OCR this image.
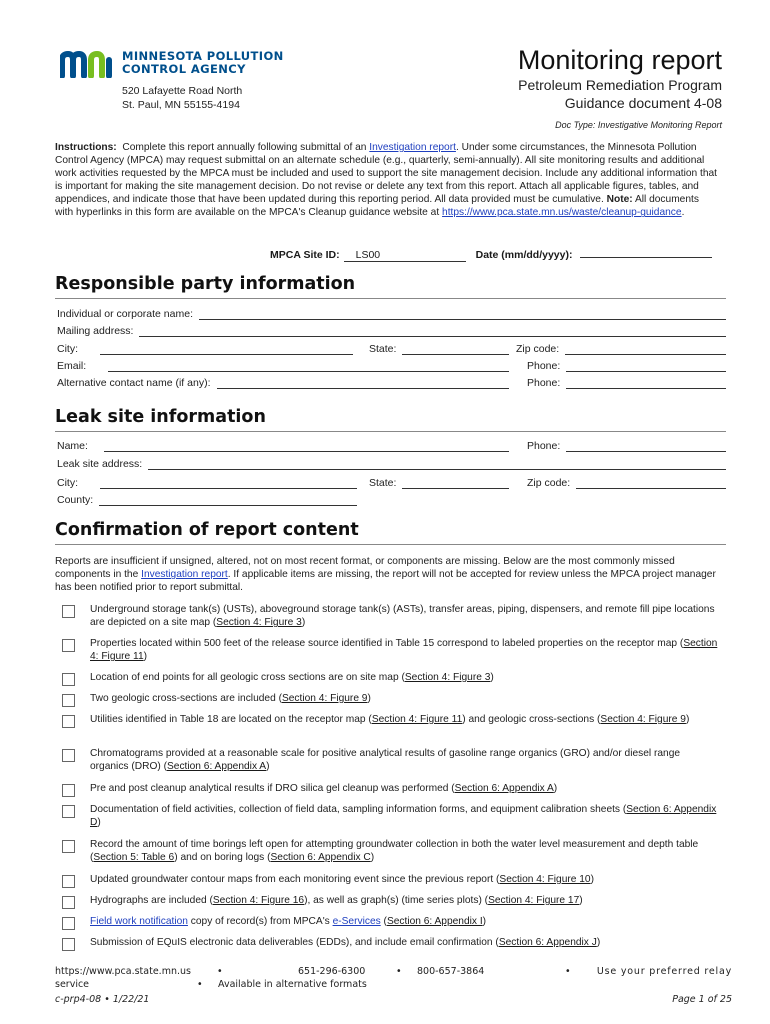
MINNESOTA POLLUTION
CONTROL AGENCY
520 Lafayette Road North
St. Paul, MN 55155-4194
Monitoring report
Petroleum Remediation Program
Guidance document 4-08
Doc Type: Investigative Monitoring Report
Instructions: Complete this report annually following submittal of an Investigation report. Under some circumstances, the Minnesota Pollution Control Agency (MPCA) may request submittal on an alternate schedule (e.g., quarterly, semi-annually). All site monitoring results and additional work activities requested by the MPCA must be included and used to support the site management decision. Include any additional information that is important for making the site management decision. Do not revise or delete any text from this report. Attach all applicable figures, tables, and appendices, and indicate those that have been updated during this reporting period. All data provided must be cumulative. Note: All documents with hyperlinks in this form are available on the MPCA's Cleanup guidance website at https://www.pca.state.mn.us/waste/cleanup-guidance.
MPCA Site ID:	LS00	Date (mm/dd/yyyy):
Responsible party information
Individual or corporate name:
Mailing address:
City:	State:	Zip code:
Email:	Phone:
Alternative contact name (if any):	Phone:
Leak site information
Name:	Phone:
Leak site address:
City:	State:	Zip code:
County:
Confirmation of report content
Reports are insufficient if unsigned, altered, not on most recent format, or components are missing. Below are the most commonly missed components in the Investigation report. If applicable items are missing, the report will not be accepted for review unless the MPCA project manager has been notified prior to report submittal.
Underground storage tank(s) (USTs), aboveground storage tank(s) (ASTs), transfer areas, piping, dispensers, and remote fill pipe locations are depicted on a site map (Section 4: Figure 3)
Properties located within 500 feet of the release source identified in Table 15 correspond to labeled properties on the receptor map (Section 4: Figure 11)
Location of end points for all geologic cross sections are on site map (Section 4: Figure 3)
Two geologic cross-sections are included (Section 4: Figure 9)
Utilities identified in Table 18 are located on the receptor map (Section 4: Figure 11) and geologic cross-sections (Section 4: Figure 9)
Chromatograms provided at a reasonable scale for positive analytical results of gasoline range organics (GRO) and/or diesel range organics (DRO) (Section 6: Appendix A)
Pre and post cleanup analytical results if DRO silica gel cleanup was performed (Section 6: Appendix A)
Documentation of field activities, collection of field data, sampling information forms, and equipment calibration sheets (Section 6: Appendix D)
Record the amount of time borings left open for attempting groundwater collection in both the water level measurement and depth table (Section 5: Table 6) and on boring logs (Section 6: Appendix C)
Updated groundwater contour maps from each monitoring event since the previous report (Section 4: Figure 10)
Hydrographs are included (Section 4: Figure 16), as well as graph(s) (time series plots) (Section 4: Figure 17)
Field work notification copy of record(s) from MPCA's e-Services (Section 6: Appendix I)
Submission of EQuIS electronic data deliverables (EDDs), and include email confirmation (Section 6: Appendix J)
https://www.pca.state.mn.us	•	651-296-6300	• 800-657-3864	•	Use your preferred relay
service	• Available in alternative formats
c-prp4-08 • 1/22/21	Page 1 of 25
